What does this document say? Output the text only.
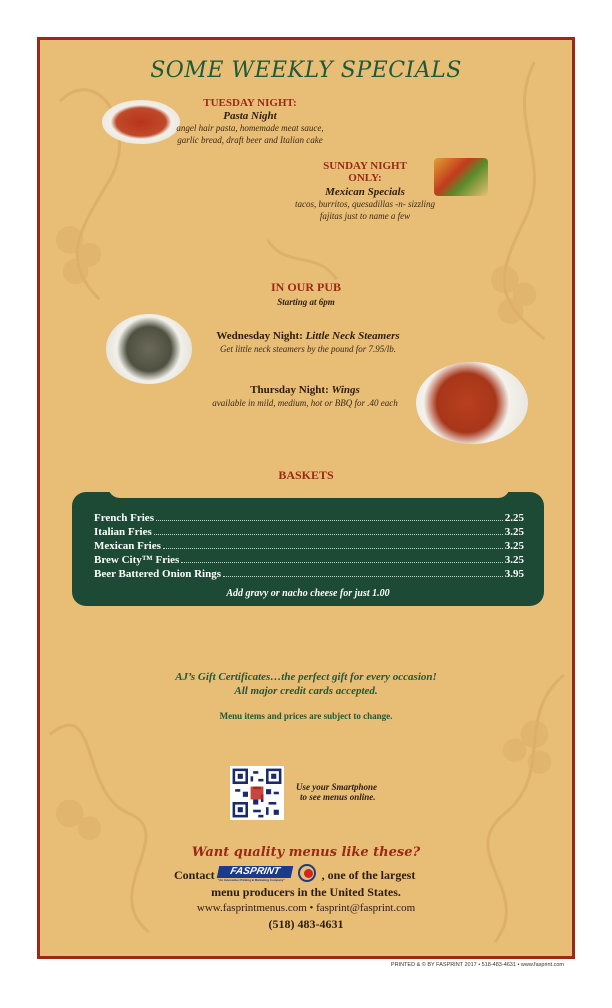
SOME WEEKLY SPECIALS
TUESDAY NIGHT:
Pasta Night
angel hair pasta, homemade meat sauce,
garlic bread, draft beer and Italian cake
SUNDAY NIGHT
ONLY:
Mexican Specials
tacos, burritos, quesadillas -n- sizzling
fajitas just to name a few
IN OUR PUB
Starting at 6pm
Wednesday Night: Little Neck Steamers
Get little neck steamers by the pound for 7.95/lb.
Thursday Night: Wings
available in mild, medium, hot or BBQ for .40 each
BASKETS
French Fries	2.25
Italian Fries	3.25
Mexican Fries	3.25
Brew City™ Fries	3.25
Beer Battered Onion Rings	3.95
Add gravy or nacho cheese for just 1.00
AJ’s Gift Certificates…the perfect gift for every occasion!
All major credit cards accepted.
Menu items and prices are subject to change.
Use your Smartphone
to see menus online.
Want quality menus like these?
Contact	FASPRINT
"An Innovative Printing & Marketing Company"	, one of the largest
menu producers in the United States.
www.fasprintmenus.com • fasprint@fasprint.com
(518) 483-4631
PRINTED & © BY FASPRINT 2017 • 518-483-4631 • www.fasprint.com
